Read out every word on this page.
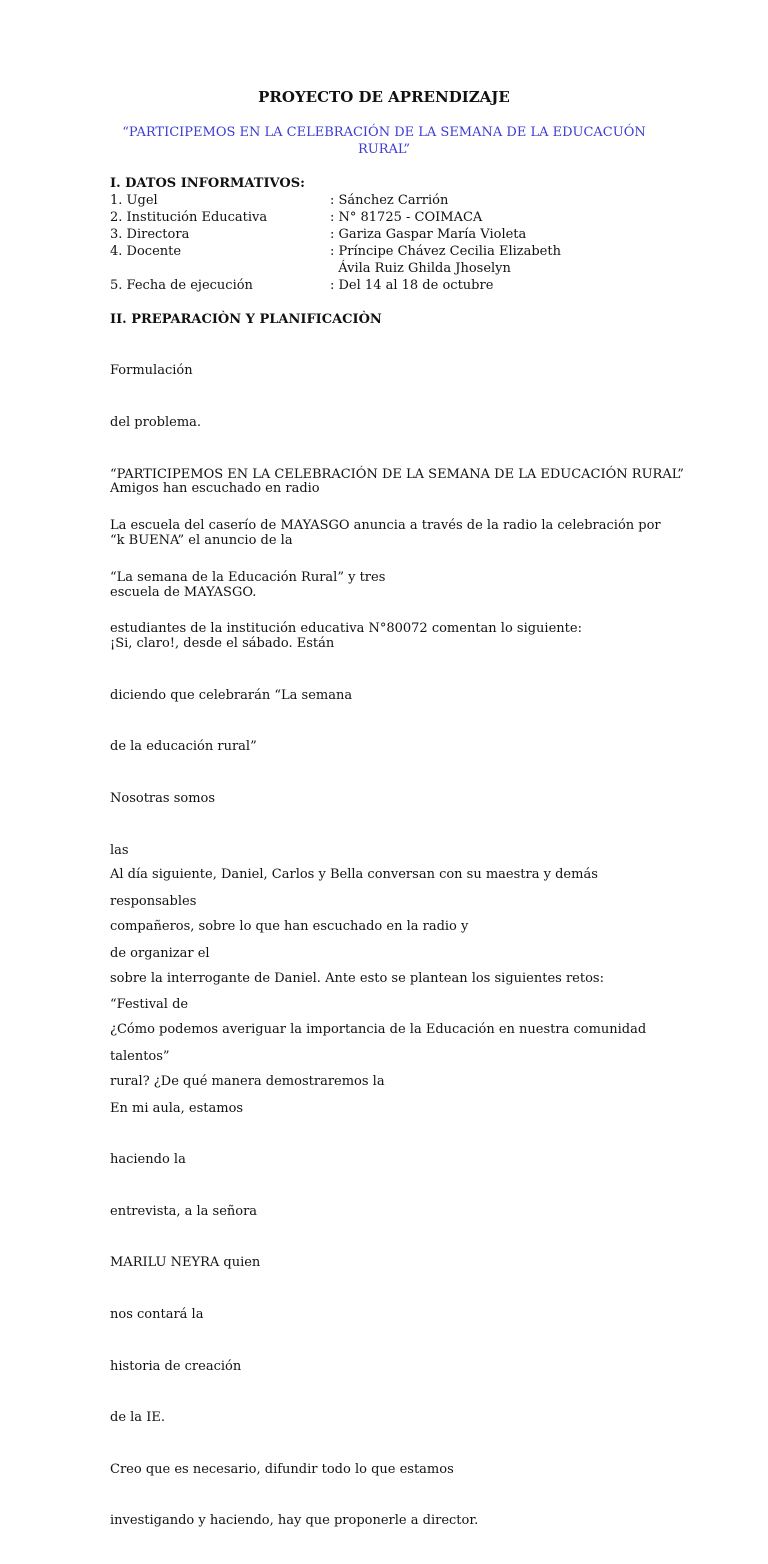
PROYECTO DE APRENDIZAJE
“PARTICIPEMOS EN LA CELEBRACIÓN DE LA SEMANA DE LA EDUCACUÓN
RURAL”
I. DATOS INFORMATIVOS:

1. Ugel

	: Sánchez Carrión

2. Institución Educativa

	: N° 81725 - COIMACA

3. Directora

	: Gariza Gaspar María Violeta

4. Docente

	: Príncipe Chávez Cecilia Elizabeth

Ávila Ruiz Ghilda Jhoselyn

5. Fecha de ejecución

	: Del 14 al 18 de octubre

II. PREPARACIÒN Y PLANIFICACIÒN

Formulación

del problema.

“PARTICIPEMOS EN LA CELEBRACIÓN DE LA SEMANA DE LA EDUCACIÓN RURAL”

La escuela del caserío de MAYASGO anuncia a través de la radio la celebración por

“La semana de la Educación Rural” y tres

estudiantes de la institución educativa N°80072 comentan lo siguiente:

Amigos han escuchado en radio

“k BUENA” el anuncio de la

escuela de MAYASGO.

¡Si, claro!, desde el sábado. Están

diciendo que celebrarán “La semana

de la educación rural”

Nosotras somos

las

responsables

de organizar el

“Festival de

talentos”

En mi aula, estamos

haciendo la

entrevista, a la señora

MARILU NEYRA quien

nos contará la

historia de creación

de la IE.

Creo que es necesario, difundir todo lo que estamos

investigando y haciendo, hay que proponerle a director.

Al día siguiente, Daniel, Carlos y Bella conversan con su maestra y demás

compañeros, sobre lo que han escuchado en la radio y

sobre la interrogante de Daniel. Ante esto se plantean los siguientes retos:

¿Cómo podemos averiguar la importancia de la Educación en nuestra comunidad

rural? ¿De qué manera demostraremos la
